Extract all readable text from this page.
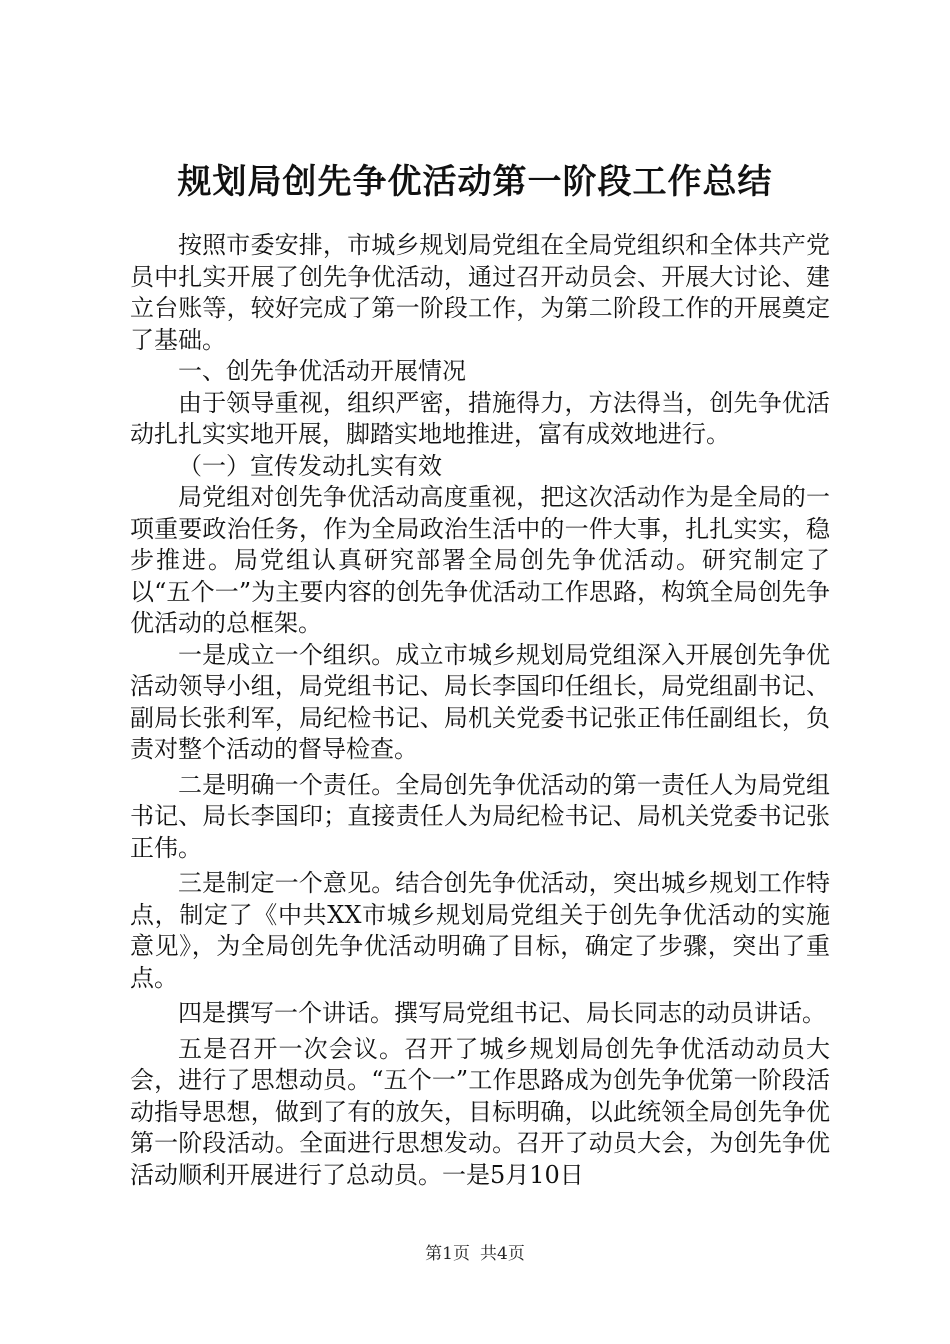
规划局创先争优活动第一阶段工作总结

按照市委安排，市城乡规划局党组在全局党组织和全体共产党员中扎实开展了创先争优活动，通过召开动员会、开展大讨论、建立台账等，较好完成了第一阶段工作，为第二阶段工作的开展奠定了基础。

一、创先争优活动开展情况

由于领导重视，组织严密，措施得力，方法得当，创先争优活动扎扎实实地开展，脚踏实地地推进，富有成效地进行。

（一）宣传发动扎实有效

局党组对创先争优活动高度重视，把这次活动作为是全局的一项重要政治任务，作为全局政治生活中的一件大事，扎扎实实，稳步推进。局党组认真研究部署全局创先争优活动。研究制定了以“五个一”为主要内容的创先争优活动工作思路，构筑全局创先争优活动的总框架。

一是成立一个组织。成立市城乡规划局党组深入开展创先争优活动领导小组，局党组书记、局长李国印任组长，局党组副书记、副局长张利军，局纪检书记、局机关党委书记张正伟任副组长，负责对整个活动的督导检查。

二是明确一个责任。全局创先争优活动的第一责任人为局党组书记、局长李国印；直接责任人为局纪检书记、局机关党委书记张正伟。

三是制定一个意见。结合创先争优活动，突出城乡规划工作特点，制定了《中共XX市城乡规划局党组关于创先争优活动的实施意见》，为全局创先争优活动明确了目标，确定了步骤，突出了重点。

四是撰写一个讲话。撰写局党组书记、局长同志的动员讲话。

五是召开一次会议。召开了城乡规划局创先争优活动动员大会，进行了思想动员。“五个一”工作思路成为创先争优第一阶段活动指导思想，做到了有的放矢，目标明确，以此统领全局创先争优第一阶段活动。全面进行思想发动。召开了动员大会，为创先争优活动顺利开展进行了总动员。一是5月10日

第1页 共4页
